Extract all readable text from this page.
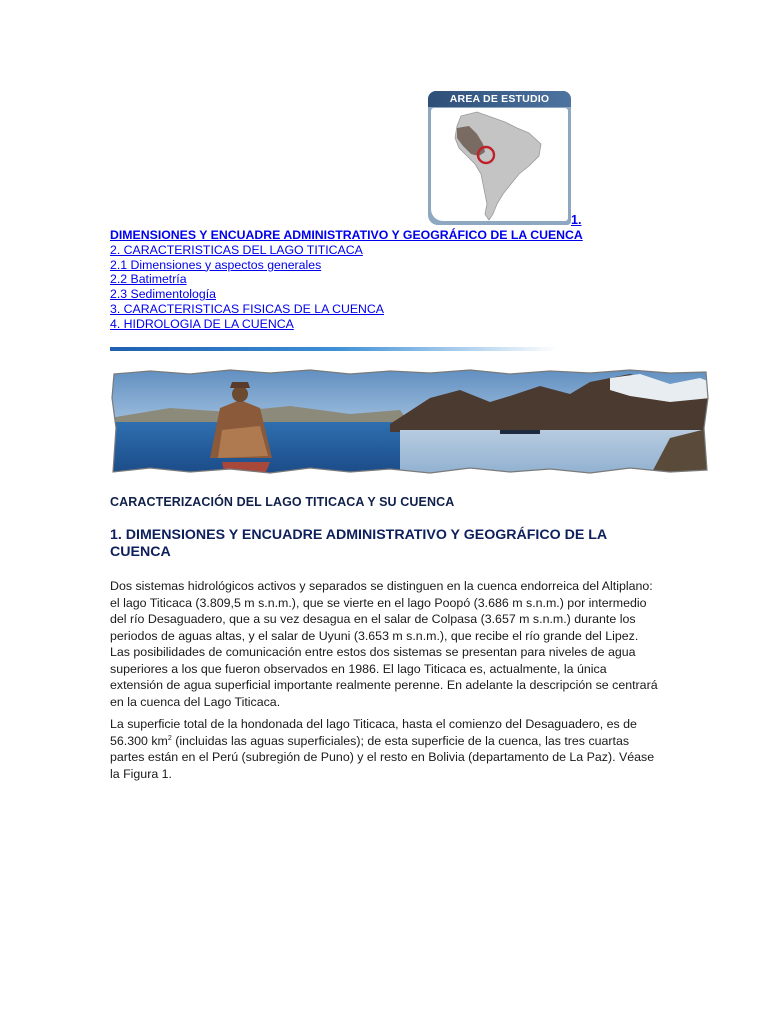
AREA DE ESTUDIO
1.
DIMENSIONES Y ENCUADRE ADMINISTRATIVO Y GEOGRÁFICO DE LA CUENCA
2. CARACTERISTICAS DEL LAGO TITICACA
2.1 Dimensiones y aspectos generales
2.2 Batimetría
2.3 Sedimentología
3. CARACTERISTICAS FISICAS DE LA CUENCA
4. HIDROLOGIA DE LA CUENCA
CARACTERIZACIÓN DEL LAGO TITICACA Y SU CUENCA
1. DIMENSIONES Y ENCUADRE ADMINISTRATIVO Y GEOGRÁFICO DE LA CUENCA

Dos sistemas hidrológicos activos y separados se distinguen en la cuenca endorreica del Altiplano: el lago Titicaca (3.809,5 m s.n.m.), que se vierte en el lago Poopó (3.686 m s.n.m.) por intermedio del río Desaguadero, que a su vez desagua en el salar de Colpasa (3.657 m s.n.m.) durante los periodos de aguas altas, y el salar de Uyuni (3.653 m s.n.m.), que recibe el río grande del Lipez. Las posibilidades de comunicación entre estos dos sistemas se presentan para niveles de agua superiores a los que fueron observados en 1986. El lago Titicaca es, actualmente, la única extensión de agua superficial importante realmente perenne. En adelante la descripción se centrará en la cuenca del Lago Titicaca.

La superficie total de la hondonada del lago Titicaca, hasta el comienzo del Desaguadero, es de 56.300 $km^2$ (incluidas las aguas superficiales); de esta superficie de la cuenca, las tres cuartas partes están en el Perú (subregión de Puno) y el resto en Bolivia (departamento de La Paz). Véase la Figura 1.
